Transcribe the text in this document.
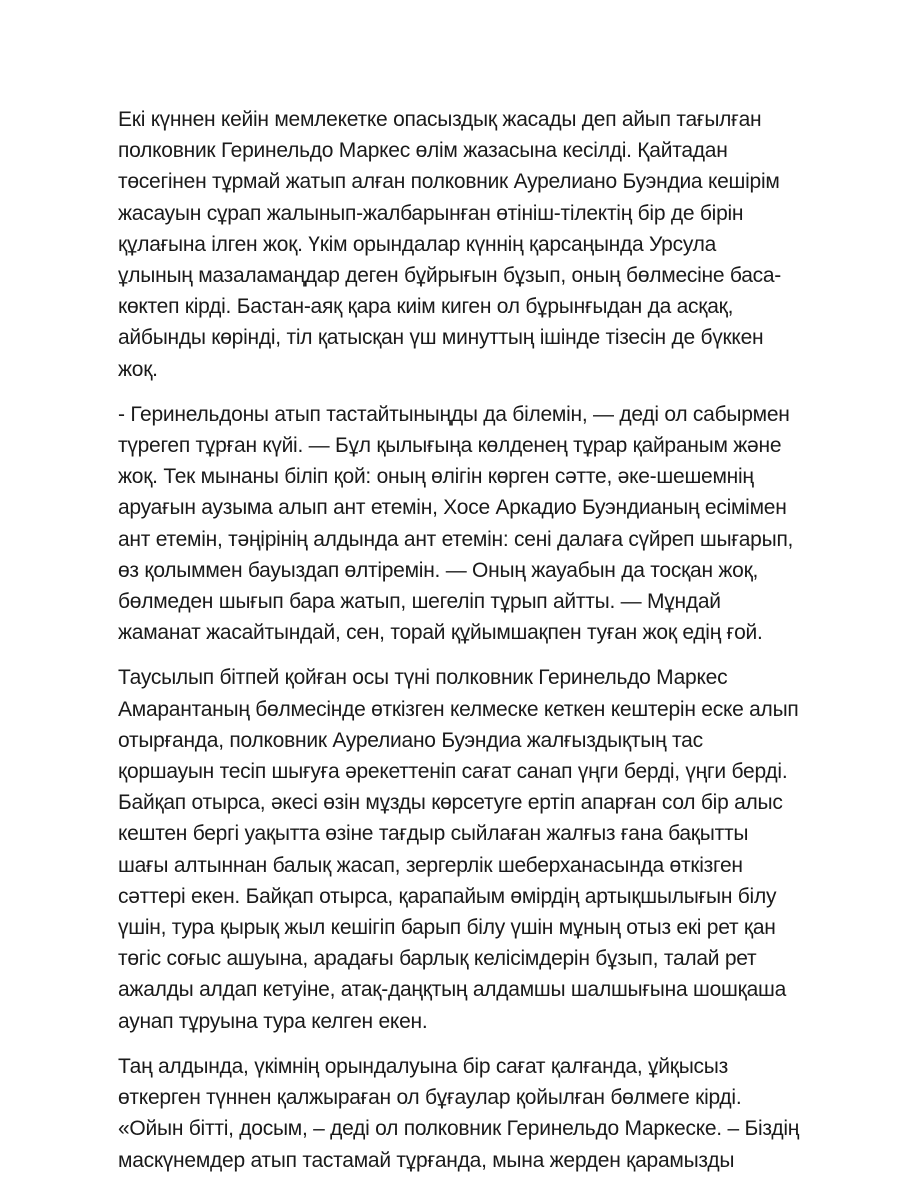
Екі күннен кейін мемлекетке опасыздық жасады деп айып тағылған
полковник Геринельдо Маркес өлім жазасына кесілді. Қайтадан
төсегінен тұрмай жатып алған полковник Аурелиано Буэндиа кешірім
жасауын сұрап жалынып-жалбарынған өтініш-тілектің бір де бірін
құлағына ілген жоқ. Үкім орындалар күннің қарсаңында Урсула
ұлының мазаламаңдар деген бұйрығын бұзып, оның бөлмесіне баса-
көктеп кірді. Бастан-аяқ қара киім киген ол бұрынғыдан да асқақ,
айбынды көрінді, тіл қатысқан үш минуттың ішінде тізесін де бүккен
жоқ.

- Геринельдоны атып тастайтыныңды да білемін, — деді ол сабырмен
түрегеп тұрған күйі. — Бұл қылығыңа көлденең тұрар қайраным және
жоқ. Тек мынаны біліп қой: оның өлігін көрген сәтте, әке-шешемнің
аруағын аузыма алып ант етемін, Хосе Аркадио Буэндианың есімімен
ант етемін, тәңірінің алдында ант етемін: сені далаға сүйреп шығарып,
өз қолыммен бауыздап өлтіремін. — Оның жауабын да тосқан жоқ,
бөлмеден шығып бара жатып, шегеліп тұрып айтты. — Мұндай
жаманат жасайтындай, сен, торай құйымшақпен туған жоқ едің ғой.

Таусылып бітпей қойған осы түні полковник Геринельдо Маркес
Амарантаның бөлмесінде өткізген келмеске кеткен кештерін еске алып
отырғанда, полковник Аурелиано Буэндиа жалғыздықтың тас
қоршауын тесіп шығуға әрекеттеніп сағат санап үңги берді, үңги берді.
Байқап отырса, әкесі өзін мұзды көрсетуге ертіп апарған сол бір алыс
кештен бергі уақытта өзіне тағдыр сыйлаған жалғыз ғана бақытты
шағы алтыннан балық жасап, зергерлік шеберханасында өткізген
сәттері екен. Байқап отырса, қарапайым өмірдің артықшылығын білу
үшін, тура қырық жыл кешігіп барып білу үшін мұның отыз екі рет қан
төгіс соғыс ашуына, арадағы барлық келісімдерін бұзып, талай рет
ажалды алдап кетуіне, атақ-даңқтың алдамшы шалшығына шошқаша
аунап тұруына тура келген екен.

Таң алдында, үкімнің орындалуына бір сағат қалғанда, ұйқысыз
өткерген түннен қалжыраған ол бұғаулар қойылған бөлмеге кірді.
«Ойын бітті, досым, – деді ол полковник Геринельдо Маркеске. – Біздің
маскүнемдер атып тастамай тұрғанда, мына жерден қарамызды
